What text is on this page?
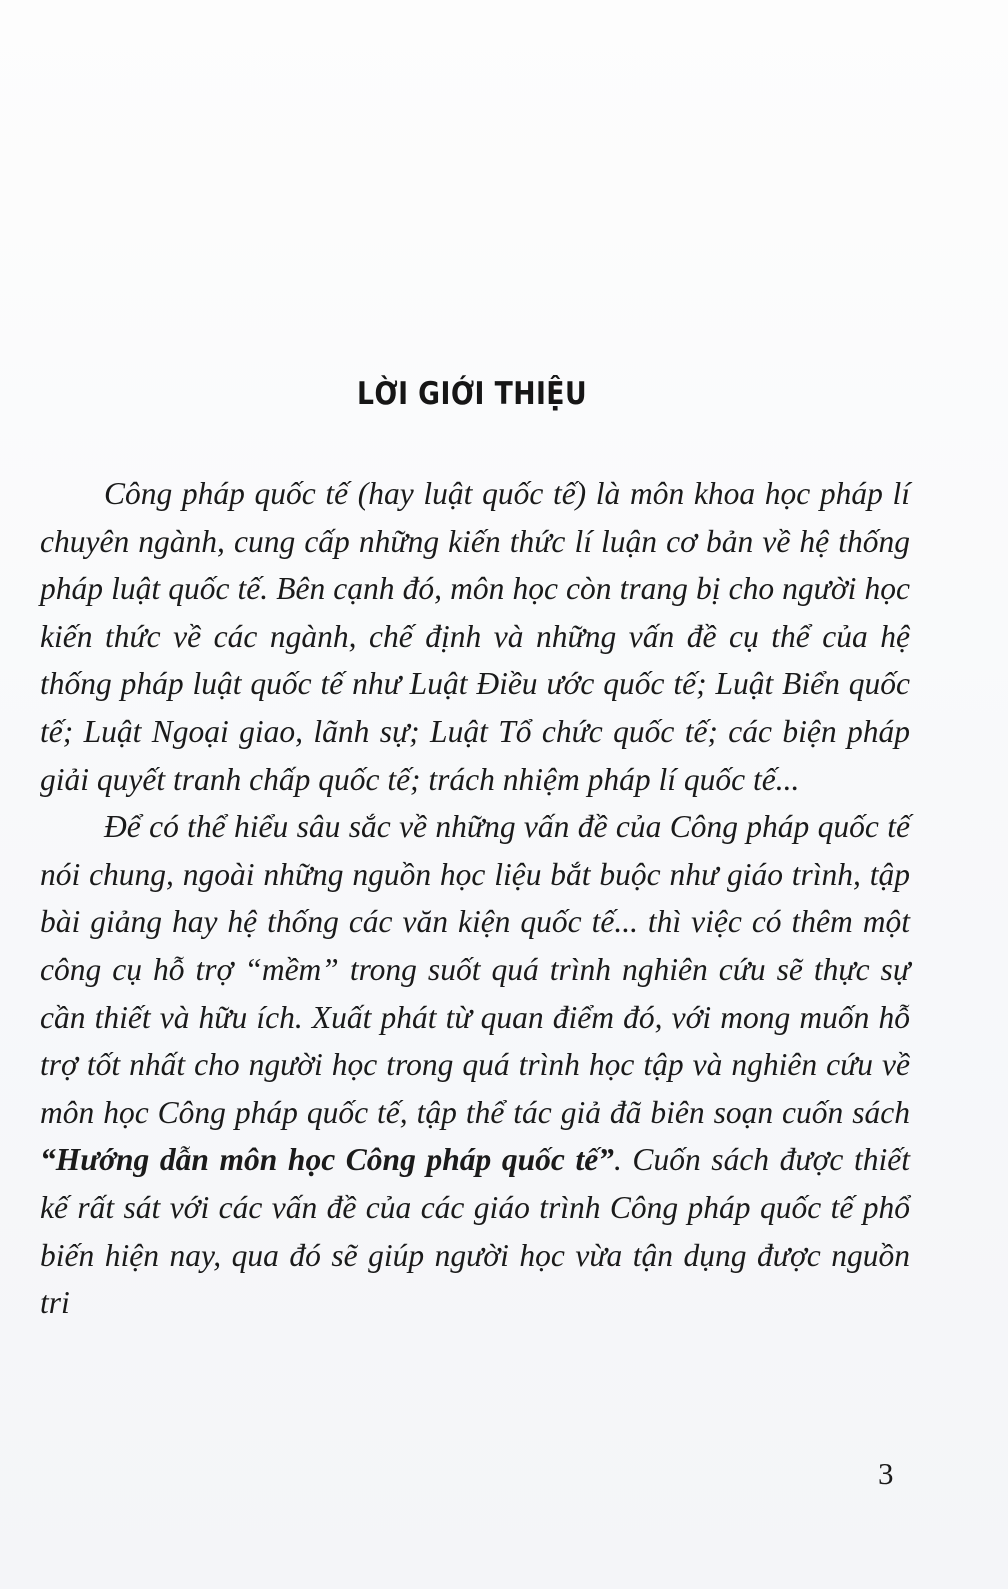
LỜI GIỚI THIỆU

Công pháp quốc tế (hay luật quốc tế) là môn khoa học pháp lí chuyên ngành, cung cấp những kiến thức lí luận cơ bản về hệ thống pháp luật quốc tế. Bên cạnh đó, môn học còn trang bị cho người học kiến thức về các ngành, chế định và những vấn đề cụ thể của hệ thống pháp luật quốc tế như Luật Điều ước quốc tế; Luật Biển quốc tế; Luật Ngoại giao, lãnh sự; Luật Tổ chức quốc tế; các biện pháp giải quyết tranh chấp quốc tế; trách nhiệm pháp lí quốc tế...

Để có thể hiểu sâu sắc về những vấn đề của Công pháp quốc tế nói chung, ngoài những nguồn học liệu bắt buộc như giáo trình, tập bài giảng hay hệ thống các văn kiện quốc tế... thì việc có thêm một công cụ hỗ trợ “mềm” trong suốt quá trình nghiên cứu sẽ thực sự cần thiết và hữu ích. Xuất phát từ quan điểm đó, với mong muốn hỗ trợ tốt nhất cho người học trong quá trình học tập và nghiên cứu về môn học Công pháp quốc tế, tập thể tác giả đã biên soạn cuốn sách “Hướng dẫn môn học Công pháp quốc tế”. Cuốn sách được thiết kế rất sát với các vấn đề của các giáo trình Công pháp quốc tế phổ biến hiện nay, qua đó sẽ giúp người học vừa tận dụng được nguồn tri

3
